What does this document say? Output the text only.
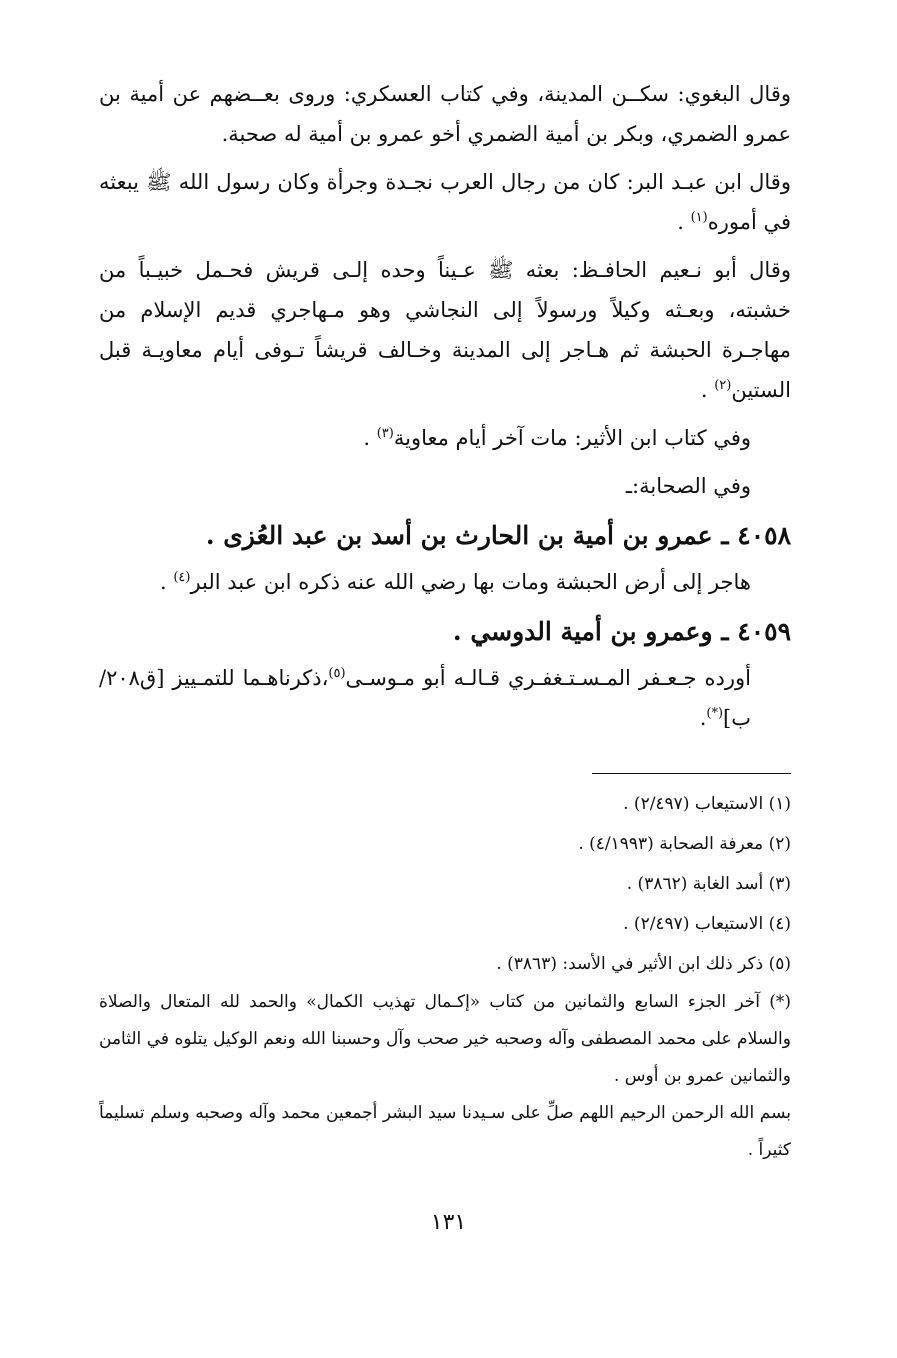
وقال البغوي: سكــن المدينة، وفي كتاب العسكري: وروى بعــضهم عن أمية بن عمرو الضمري، وبكر بن أمية الضمري أخو عمرو بن أمية له صحبة.

وقال ابن عبـد البر: كان من رجال العرب نجـدة وجرأة وكان رسول الله ﷺ يبعثه في أموره$^{(١)}$ .

وقال أبو نـعيم الحافـظ: بعثه ﷺ عـيناً وحده إلـى قريش فحـمل خبيـباً من خشبته، وبعـثه وكيلاً ورسولاً إلى النجاشي وهو مـهاجري قديم الإسلام من مهاجـرة الحبشة ثم هـاجر إلى المدينة وخـالف قريشاً تـوفى أيام معاويـة قبل الستين$^{(٢)}$ .

وفي كتاب ابن الأثير: مات آخر أيام معاوية$^{(٣)}$ .

وفي الصحابة:ـ

٤٠٥٨ ـ عمرو بن أمية بن الحارث بن أسد بن عبد العُزى .

هاجر إلى أرض الحبشة ومات بها رضي الله عنه ذكره ابن عبد البر$^{(٤)}$ .

٤٠٥٩ ـ وعمرو بن أمية الدوسي .

أورده جـعـفر المـسـتـغفـري قـالـه أبو مـوسـى$^{(٥)}$،ذكرناهـما للتمـييز [ق٢٠٨/ب](*).

(١) الاستيعاب (٢/٤٩٧) .

(٢) معرفة الصحابة (٤/١٩٩٣) .

(٣) أسد الغابة (٣٨٦٢) .

(٤) الاستيعاب (٢/٤٩٧) .

(٥) ذكر ذلك ابن الأثير في الأسد: (٣٨٦٣) .

(*) آخر الجزء السابع والثمانين من كتاب «إكـمال تهذيب الكمال» والحمد لله المتعال والصلاة والسلام على محمد المصطفى وآله وصحبه خير صحب وآل وحسبنا الله ونعم الوكيل يتلوه في الثامن والثمانين عمرو بن أوس .

بسم الله الرحمن الرحيم اللهم صلِّ على سـيدنا سيد البشر أجمعين محمد وآله وصحبه وسلم تسليماً كثيراً .

١٣١
